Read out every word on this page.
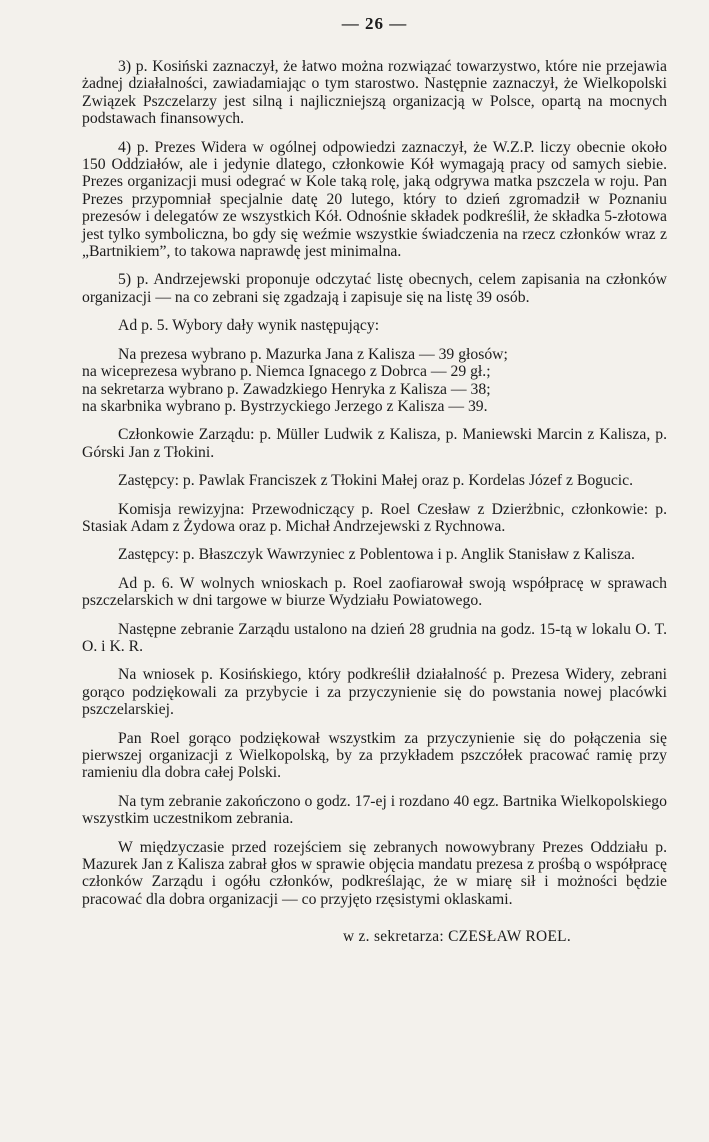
— 26 —

3) p. Kosiński zaznaczył, że łatwo można rozwiązać towarzystwo, które nie przejawia żadnej działalności, zawiadamiając o tym starostwo. Następnie zaznaczył, że Wielkopolski Związek Pszczelarzy jest silną i najliczniejszą organizacją w Polsce, opartą na mocnych podstawach finansowych.

4) p. Prezes Widera w ogólnej odpowiedzi zaznaczył, że W.Z.P. liczy obecnie około 150 Oddziałów, ale i jedynie dlatego, członkowie Kół wymagają pracy od samych siebie. Prezes organizacji musi odegrać w Kole taką rolę, jaką odgrywa matka pszczela w roju. Pan Prezes przypomniał specjalnie datę 20 lutego, który to dzień zgromadził w Poznaniu prezesów i delegatów ze wszystkich Kół. Odnośnie składek podkreślił, że składka 5-złotowa jest tylko symboliczna, bo gdy się weźmie wszystkie świadczenia na rzecz członków wraz z „Bartnikiem”, to takowa naprawdę jest minimalna.

5) p. Andrzejewski proponuje odczytać listę obecnych, celem zapisania na członków organizacji — na co zebrani się zgadzają i zapisuje się na listę 39 osób.

Ad p. 5. Wybory dały wynik następujący:

Na prezesa wybrano p. Mazurka Jana z Kalisza — 39 głosów;
na wiceprezesa wybrano p. Niemca Ignacego z Dobrca — 29 gł.;
na sekretarza wybrano p. Zawadzkiego Henryka z Kalisza — 38;
na skarbnika wybrano p. Bystrzyckiego Jerzego z Kalisza — 39.

Członkowie Zarządu: p. Müller Ludwik z Kalisza, p. Maniewski Marcin z Kalisza, p. Górski Jan z Tłokini.

Zastępcy: p. Pawlak Franciszek z Tłokini Małej oraz p. Kordelas Józef z Bogucic.

Komisja rewizyjna: Przewodniczący p. Roel Czesław z Dzierżbnic, członkowie: p. Stasiak Adam z Żydowa oraz p. Michał Andrzejewski z Rychnowa.

Zastępcy: p. Błaszczyk Wawrzyniec z Poblentowa i p. Anglik Stanisław z Kalisza.

Ad p. 6. W wolnych wnioskach p. Roel zaofiarował swoją współpracę w sprawach pszczelarskich w dni targowe w biurze Wydziału Powiatowego.

Następne zebranie Zarządu ustalono na dzień 28 grudnia na godz. 15-tą w lokalu O. T. O. i K. R.

Na wniosek p. Kosińskiego, który podkreślił działalność p. Prezesa Widery, zebrani gorąco podziękowali za przybycie i za przyczynienie się do powstania nowej placówki pszczelarskiej.

Pan Roel gorąco podziękował wszystkim za przyczynienie się do połączenia się pierwszej organizacji z Wielkopolską, by za przykładem pszczółek pracować ramię przy ramieniu dla dobra całej Polski.

Na tym zebranie zakończono o godz. 17-ej i rozdano 40 egz. Bartnika Wielkopolskiego wszystkim uczestnikom zebrania.

W międzyczasie przed rozejściem się zebranych nowowybrany Prezes Oddziału p. Mazurek Jan z Kalisza zabrał głos w sprawie objęcia mandatu prezesa z prośbą o współpracę członków Zarządu i ogółu członków, podkreślając, że w miarę sił i możności będzie pracować dla dobra organizacji — co przyjęto rzęsistymi oklaskami.

w z. sekretarza: CZESŁAW ROEL.
